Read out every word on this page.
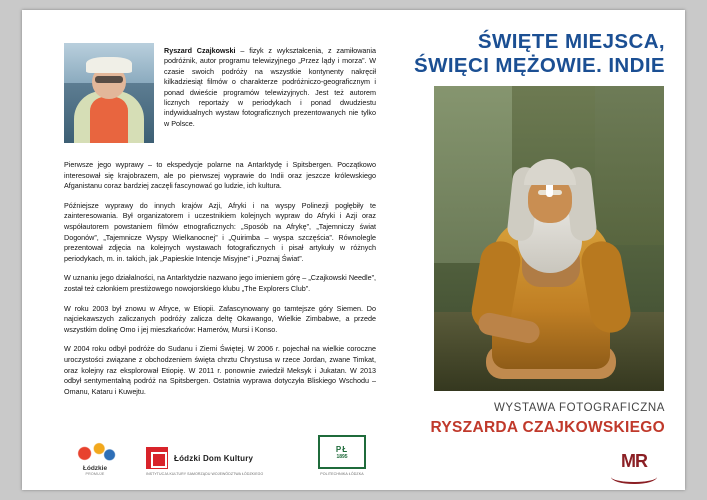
Ryszard Czajkowski – fizyk z wykształcenia, z zamiłowania podróżnik, autor programu telewizyjnego „Przez lądy i morza”. W czasie swoich podróży na wszystkie kontynenty nakręcił kilkadziesiąt filmów o charakterze podróżniczo-geograficznym i ponad dwieście programów telewizyjnych. Jest też autorem licznych reportaży w periodykach i ponad dwudziestu indywidualnych wystaw fotograficznych prezentowanych nie tylko w Polsce.

Pierwsze jego wyprawy – to ekspedycje polarne na Antarktydę i Spitsbergen. Początkowo interesował się krajobrazem, ale po pierwszej wyprawie do Indii oraz jeszcze królewskiego Afganistanu coraz bardziej zaczęli fascynować go ludzie, ich kultura.

Późniejsze wyprawy do innych krajów Azji, Afryki i na wyspy Polinezji pogłębiły te zainteresowania. Był organizatorem i uczestnikiem kolejnych wypraw do Afryki i Azji oraz współautorem powstaniem filmów etnograficznych: „Sposób na Afrykę”, „Tajemniczy świat Dogonów”, „Tajemnicze Wyspy Wielkanocnej” i „Quirimba – wyspa szczęścia”. Równolegle prezentował zdjęcia na kolejnych wystawach fotograficznych i pisał artykuły w różnych periodykach, m. in. takich, jak „Papieskie Intencje Misyjne” i „Poznaj Świat”.

W uznaniu jego działalności, na Antarktydzie nazwano jego imieniem górę – „Czajkowski Needle”, został też członkiem prestiżowego nowojorskiego klubu „The Explorers Club”.

W roku 2003 był znowu w Afryce, w Etiopii. Zafascynowany go tamtejsze góry Siemen. Do najciekawszych zaliczanych podróży zalicza deltę Okawango, Wielkie Zimbabwe, a przede wszystkim dolinę Omo i jej mieszkańców: Hamerów, Mursi i Konso.

W 2004 roku odbył podróże do Sudanu i Ziemi Świętej. W 2006 r. pojechał na wielkie coroczne uroczystości związane z obchodzeniem święta chrztu Chrystusa w rzece Jordan, zwane Timkat, oraz kolejny raz eksplorował Etiopię. W 2011 r. ponownie zwiedził Meksyk i Jukatan. W 2013 odbył sentymentalną podróż na Spitsbergen. Ostatnia wyprawa dotyczyła Bliskiego Wschodu – Omanu, Kataru i Kuwejtu.

Łódzkie
PROMUJE
Łódzki Dom Kultury
INSTYTUCJA KULTURY SAMORZĄDU WOJEWÓDZTWA ŁÓDZKIEGO
PŁ
1895
POLITECHNIKA ŁÓDZKA
ŚWIĘTE MIEJSCA,
ŚWIĘCI MĘŻOWIE. INDIE
WYSTAWA FOTOGRAFICZNA
RYSZARDA CZAJKOWSKIEGO
MR
